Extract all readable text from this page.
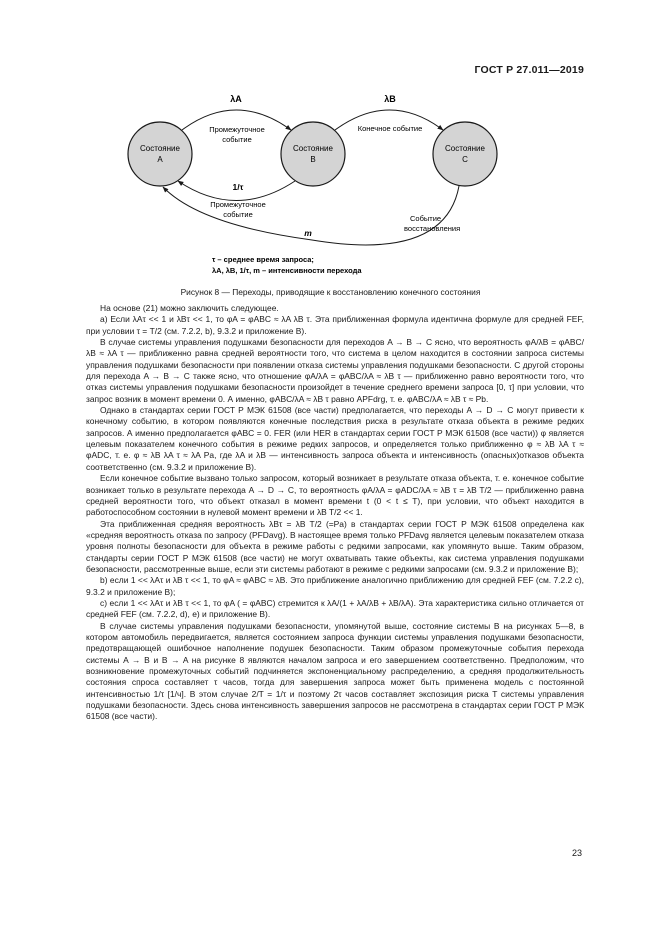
ГОСТ Р 27.011—2019
Состояние
A
Состояние
B
Состояние
C
λA	λB
1/τ
m
Промежуточное
событие
Конечное событие
Промежуточное
событие	Событие
восстановления
τ – среднее время запроса;
λA, λB, 1/τ, m – интенсивности перехода
Рисунок 8 — Переходы, приводящие к восстановлению конечного состояния

На основе (21) можно заключить следующее.

а) Если λAτ << 1 и λBτ << 1, то φA = φABC ≈ λA λB τ. Эта приближенная формула идентична формуле для средней FEF, при условии τ = T/2 (см. 7.2.2, b), 9.3.2 и приложение В).

В случае системы управления подушками безопасности для переходов A → B → C ясно, что вероятность φA/λB = φABC/λB ≈ λA τ — приближенно равна средней вероятности того, что система в целом находится в состоянии запроса системы управления подушками безопасности при появлении отказа системы управления подушками безопасности. С другой стороны для перехода A → B → C также ясно, что отношение φA/λA = φABC/λA ≈ λB τ — приближенно равно вероятности того, что отказ системы управления подушками безопасности произойдет в течение среднего времени запроса [0, τ] при условии, что запрос возник в момент времени 0. А именно, φABC/λA ≈ λB τ равно APFdrg, т. е. φABC/λA ≈ λB τ ≈ Pb.

Однако в стандартах серии ГОСТ Р МЭК 61508 (все части) предполагается, что переходы A → D → C могут привести к конечному событию, в котором появляются конечные последствия риска в результате отказа объекта в режиме редких запросов. А именно предполагается φABC = 0. FER (или HER в стандартах серии ГОСТ Р МЭК 61508 (все части)) φ является целевым показателем конечного события в режиме редких запросов, и определяется только приближенно φ ≈ λB λA τ ≈ φADC, т. е. φ ≈ λB λA τ ≈ λA Pa, где λA и λB — интенсивность запроса объекта и интенсивность (опасных)отказов объекта соответственно (см. 9.3.2 и приложение В).

Если конечное событие вызвано только запросом, который возникает в результате отказа объекта, т. е. конечное событие возникает только в результате перехода A → D → C, то вероятность φA/λA = φADC/λA ≈ λB τ = λB T/2 — приближенно равна средней вероятности того, что объект отказал в момент времени t (0 < t ≤ T), при условии, что объект находится в работоспособном состоянии в нулевой момент времени и λB T/2 << 1.

Эта приближенная средняя вероятность λBτ = λB T/2 (=Pa) в стандартах серии ГОСТ Р МЭК 61508 определена как «средняя вероятность отказа по запросу (PFDavg). В настоящее время только PFDavg является целевым показателем отказа уровня полноты безопасности для объекта в режиме работы с редкими запросами, как упомянуто выше. Таким образом, стандарты серии ГОСТ Р МЭК 61508 (все части) не могут охватывать такие объекты, как система управления подушками безопасности, рассмотренные выше, если эти системы работают в режиме с редкими запросами (см. 9.3.2 и приложение В);

b) если 1 << λAτ и λB τ << 1, то φA ≈ φABC ≈ λB. Это приближение аналогично приближению для средней FEF (см. 7.2.2 с), 9.3.2 и приложение В);

c) если 1 << λAτ и λB τ << 1, то φA ( = φABC) стремится к λA/(1 + λA/λB + λB/λA). Эта характеристика сильно отличается от средней FEF (см. 7.2.2, d), е) и приложение В).

В случае системы управления подушками безопасности, упомянутой выше, состояние системы В на рисунках 5—8, в котором автомобиль передвигается, является состоянием запроса функции системы управления подушками безопасности, предотвращающей ошибочное наполнение подушек безопасности. Таким образом промежуточные события перехода системы A → B и B → A на рисунке 8 являются началом запроса и его завершением соответственно. Предположим, что возникновение промежуточных событий подчиняется экспоненциальному распределению, а средняя продолжительность состояния спроса составляет τ часов, тогда для завершения запроса может быть применена модель с постоянной интенсивностью 1/τ [1/ч]. В этом случае 2/T = 1/τ и поэтому 2τ часов составляет экспозиция риска T системы управления подушками безопасности. Здесь снова интенсивность завершения запросов не рассмотрена в стандартах серии ГОСТ Р МЭК 61508 (все части).

23
